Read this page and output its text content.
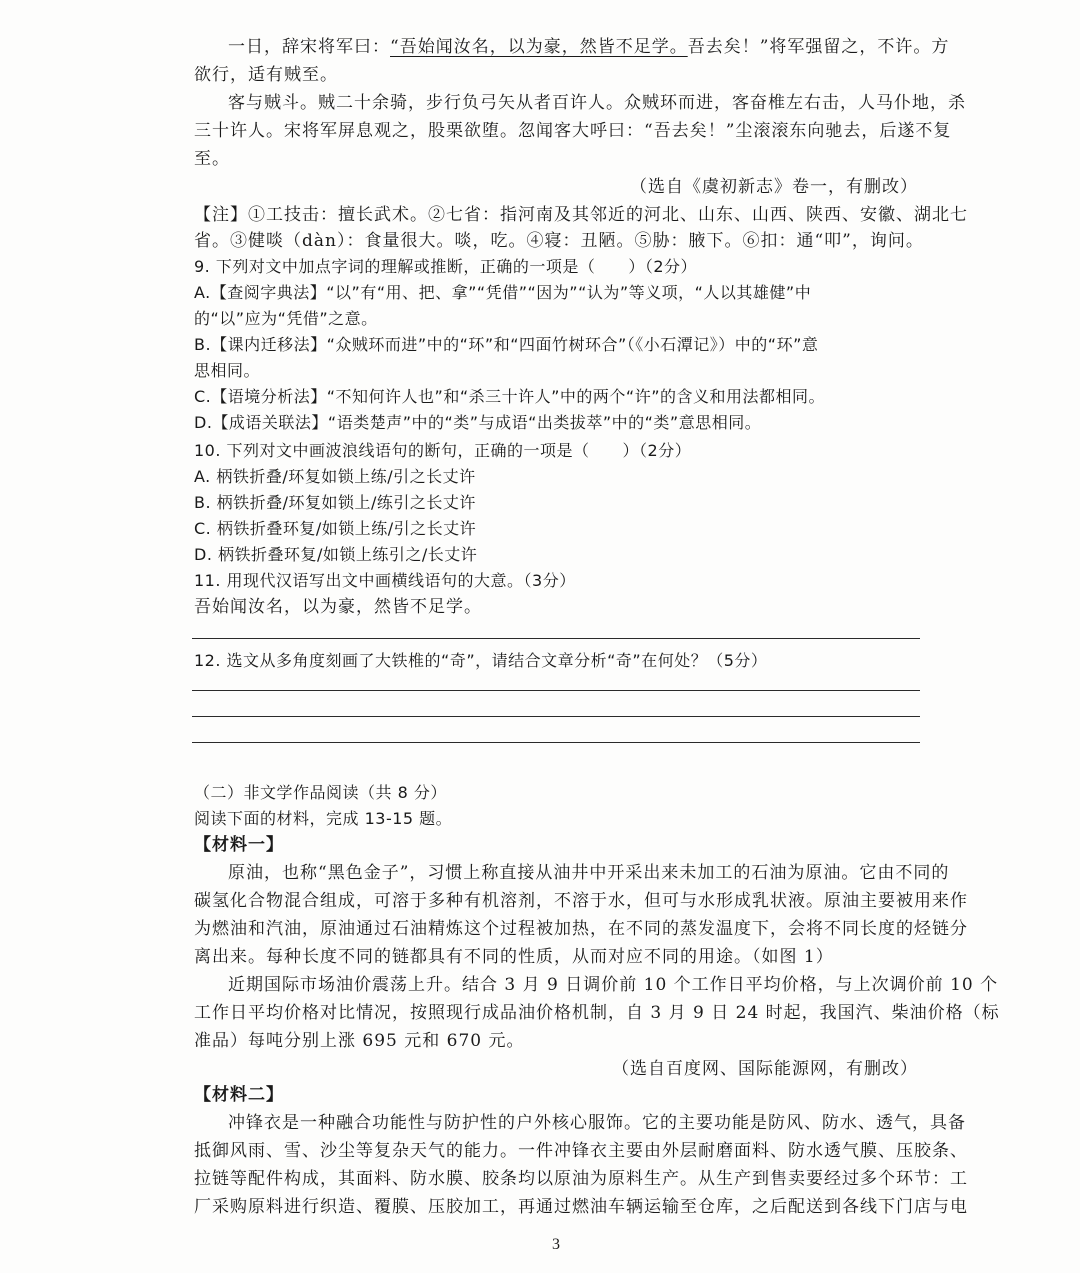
一日，辞宋将军曰：“吾始闻汝名，以为豪，然皆不足学。吾去矣！”将军强留之，不许。方
欲行，适有贼至。
客与贼斗。贼二十余骑，步行负弓矢从者百许人。众贼环而进，客奋椎左右击，人马仆地，杀
三十许人。宋将军屏息观之，股栗欲堕。忽闻客大呼曰：“吾去矣！”尘滚滚东向驰去，后遂不复
至。
（选自《虞初新志》卷一，有删改）
【注】①工技击：擅长武术。②七省：指河南及其邻近的河北、山东、山西、陕西、安徽、湖北七
省。③健啖（dàn）：食量很大。啖，吃。④寝：丑陋。⑤胁：腋下。⑥扣：通“叩”，询问。
9. 下列对文中加点字词的理解或推断，正确的一项是（　　）（2分）
A.【查阅字典法】“以”有“用、把、拿”“凭借”“因为”“认为”等义项，“人以其雄健”中
的“以”应为“凭借”之意。
B.【课内迁移法】“众贼环而进”中的“环”和“四面竹树环合”（《小石潭记》）中的“环”意
思相同。
C.【语境分析法】“不知何许人也”和“杀三十许人”中的两个“许”的含义和用法都相同。
D.【成语关联法】“语类楚声”中的“类”与成语“出类拔萃”中的“类”意思相同。
10. 下列对文中画波浪线语句的断句，正确的一项是（　　）（2分）
A. 柄铁折叠/环复如锁上练/引之长丈许
B. 柄铁折叠/环复如锁上/练引之长丈许
C. 柄铁折叠环复/如锁上练/引之长丈许
D. 柄铁折叠环复/如锁上练引之/长丈许
11. 用现代汉语写出文中画横线语句的大意。（3分）
吾始闻汝名，以为豪，然皆不足学。
12. 选文从多角度刻画了大铁椎的“奇”，请结合文章分析“奇”在何处？（5分）
（二）非文学作品阅读（共 8 分）
阅读下面的材料，完成 13-15 题。
【材料一】
原油，也称“黑色金子”，习惯上称直接从油井中开采出来未加工的石油为原油。它由不同的
碳氢化合物混合组成，可溶于多种有机溶剂，不溶于水，但可与水形成乳状液。原油主要被用来作
为燃油和汽油，原油通过石油精炼这个过程被加热，在不同的蒸发温度下，会将不同长度的烃链分
离出来。每种长度不同的链都具有不同的性质，从而对应不同的用途。（如图 1）
近期国际市场油价震荡上升。结合 3 月 9 日调价前 10 个工作日平均价格，与上次调价前 10 个
工作日平均价格对比情况，按照现行成品油价格机制，自 3 月 9 日 24 时起，我国汽、柴油价格（标
准品）每吨分别上涨 695 元和 670 元。
（选自百度网、国际能源网，有删改）
【材料二】
冲锋衣是一种融合功能性与防护性的户外核心服饰。它的主要功能是防风、防水、透气，具备
抵御风雨、雪、沙尘等复杂天气的能力。一件冲锋衣主要由外层耐磨面料、防水透气膜、压胶条、
拉链等配件构成，其面料、防水膜、胶条均以原油为原料生产。从生产到售卖要经过多个环节：工
厂采购原料进行织造、覆膜、压胶加工，再通过燃油车辆运输至仓库，之后配送到各线下门店与电
3
